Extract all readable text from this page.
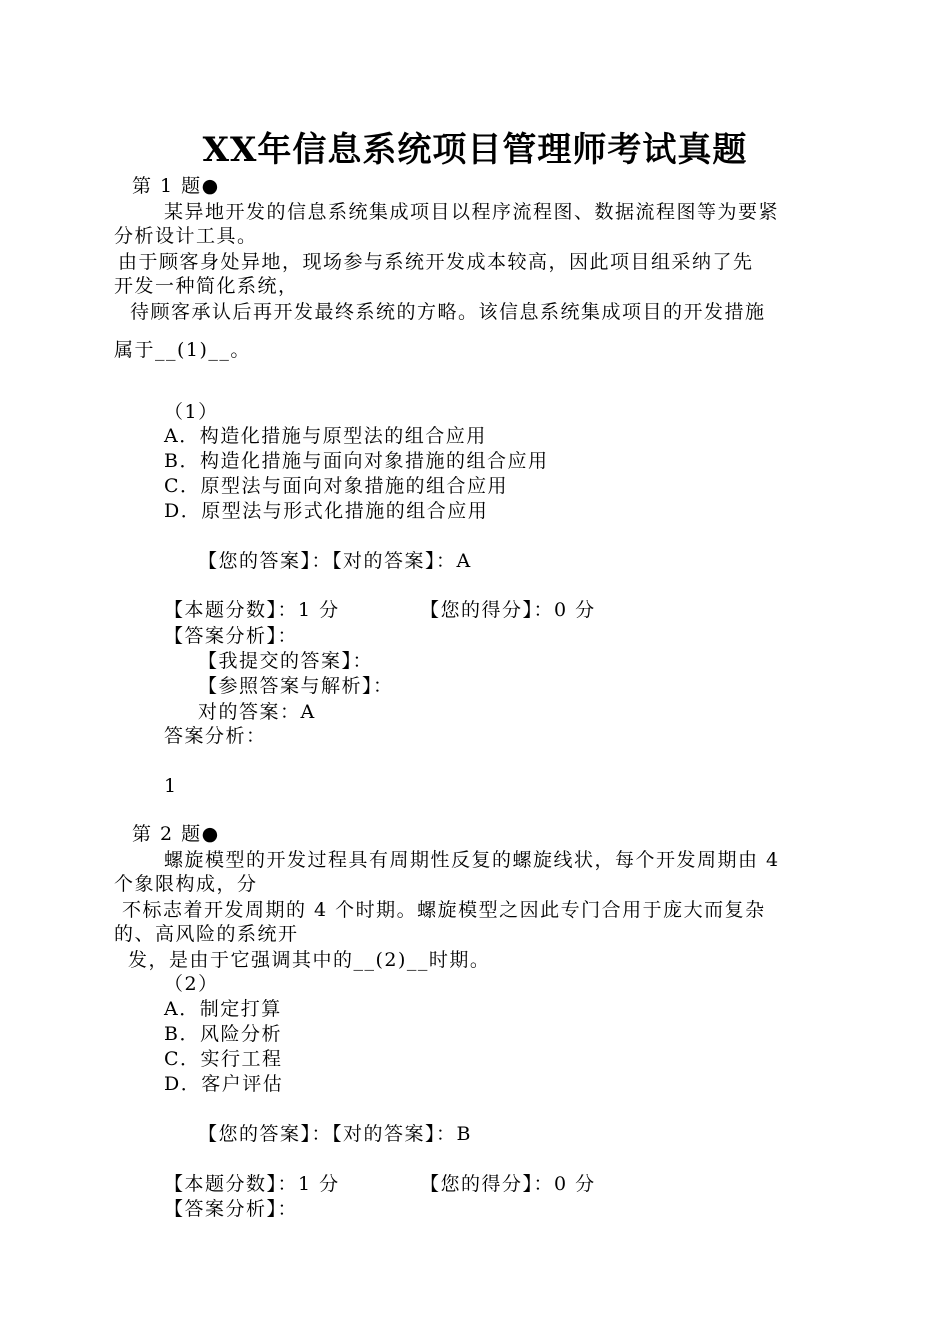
XX年信息系统项目管理师考试真题
第 1 题●
某异地开发的信息系统集成项目以程序流程图、数据流程图等为要紧
分析设计工具。
由于顾客身处异地，现场参与系统开发成本较高，因此项目组采纳了先
开发一种简化系统，
待顾客承认后再开发最终系统的方略。该信息系统集成项目的开发措施
属于__(1)__。
（1）
A．构造化措施与原型法的组合应用
B．构造化措施与面向对象措施的组合应用
C．原型法与面向对象措施的组合应用
D．原型法与形式化措施的组合应用
【您的答案】：【对的答案】：A
【本题分数】：1 分	【您的得分】：0 分
【答案分析】：
【我提交的答案】：
【参照答案与解析】：
对的答案：A
答案分析：
1
第 2 题●
螺旋模型的开发过程具有周期性反复的螺旋线状，每个开发周期由 4
个象限构成，分
不标志着开发周期的 4 个时期。螺旋模型之因此专门合用于庞大而复杂
的、高风险的系统开
发，是由于它强调其中的__(2)__时期。
（2）
A．制定打算
B．风险分析
C．实行工程
D．客户评估
【您的答案】：【对的答案】：B
【本题分数】：1 分	【您的得分】：0 分
【答案分析】：
